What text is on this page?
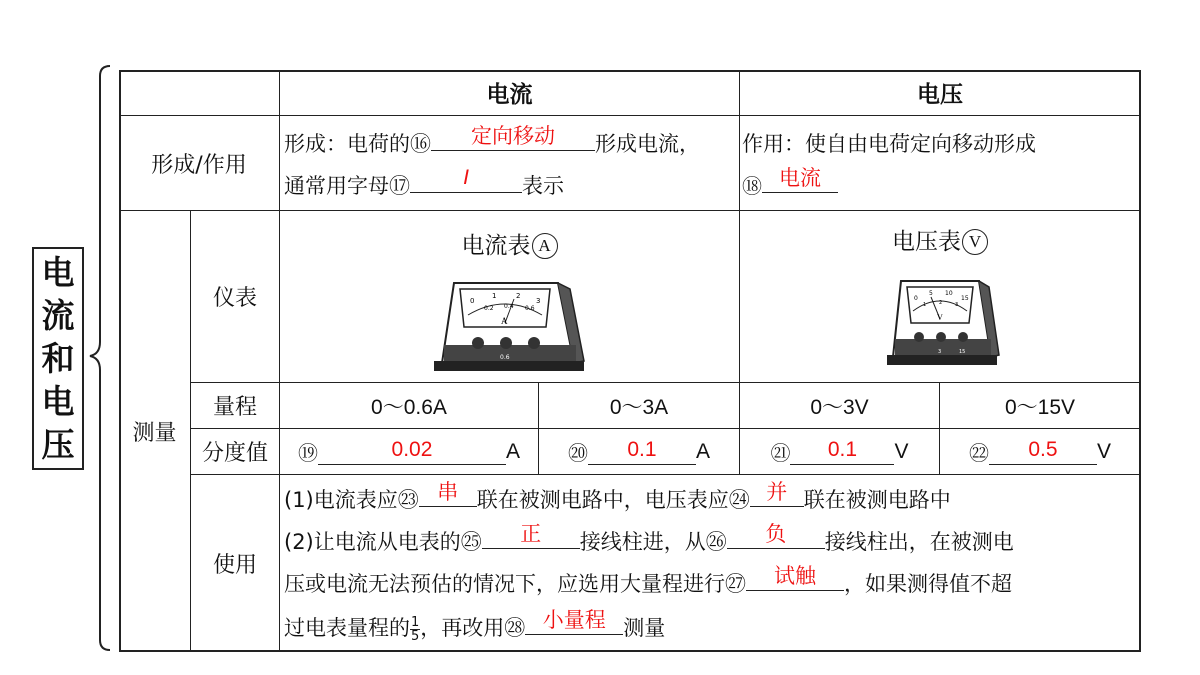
电
流
和
电
压
电流	电压
形成/作用
形成：电荷的⑯	定向移动	形成电流，
通常用字母⑰	I	表示
作用：使自由电荷定向移动形成
⑱ 电流
测量
仪表
电流表 A
0
1	2
3
0.2 0.4 0.6
A
0.6
电压表 V
0
5 10
15
1	2	3
V
3	15
量程	0～0.6A	0～3A	0～3V	0～15V
分度值 ⑲	0.02	A ⑳	0.1	A	㉑	0.1	V	㉒	0.5	V
使用
(1)电流表应㉓ 串 联在被测电路中，电压表应㉔ 并 联在被测电路中
(2)让电流从电表的㉕	正	接线柱进，从㉖	负	接线柱出，在被测电
压或电流无法预估的情况下，应选用大量程进行㉗	试触	，如果测得值不超
过电表量程的 $\frac{1}{5}$ ，再改用㉘ 小量程 测量
